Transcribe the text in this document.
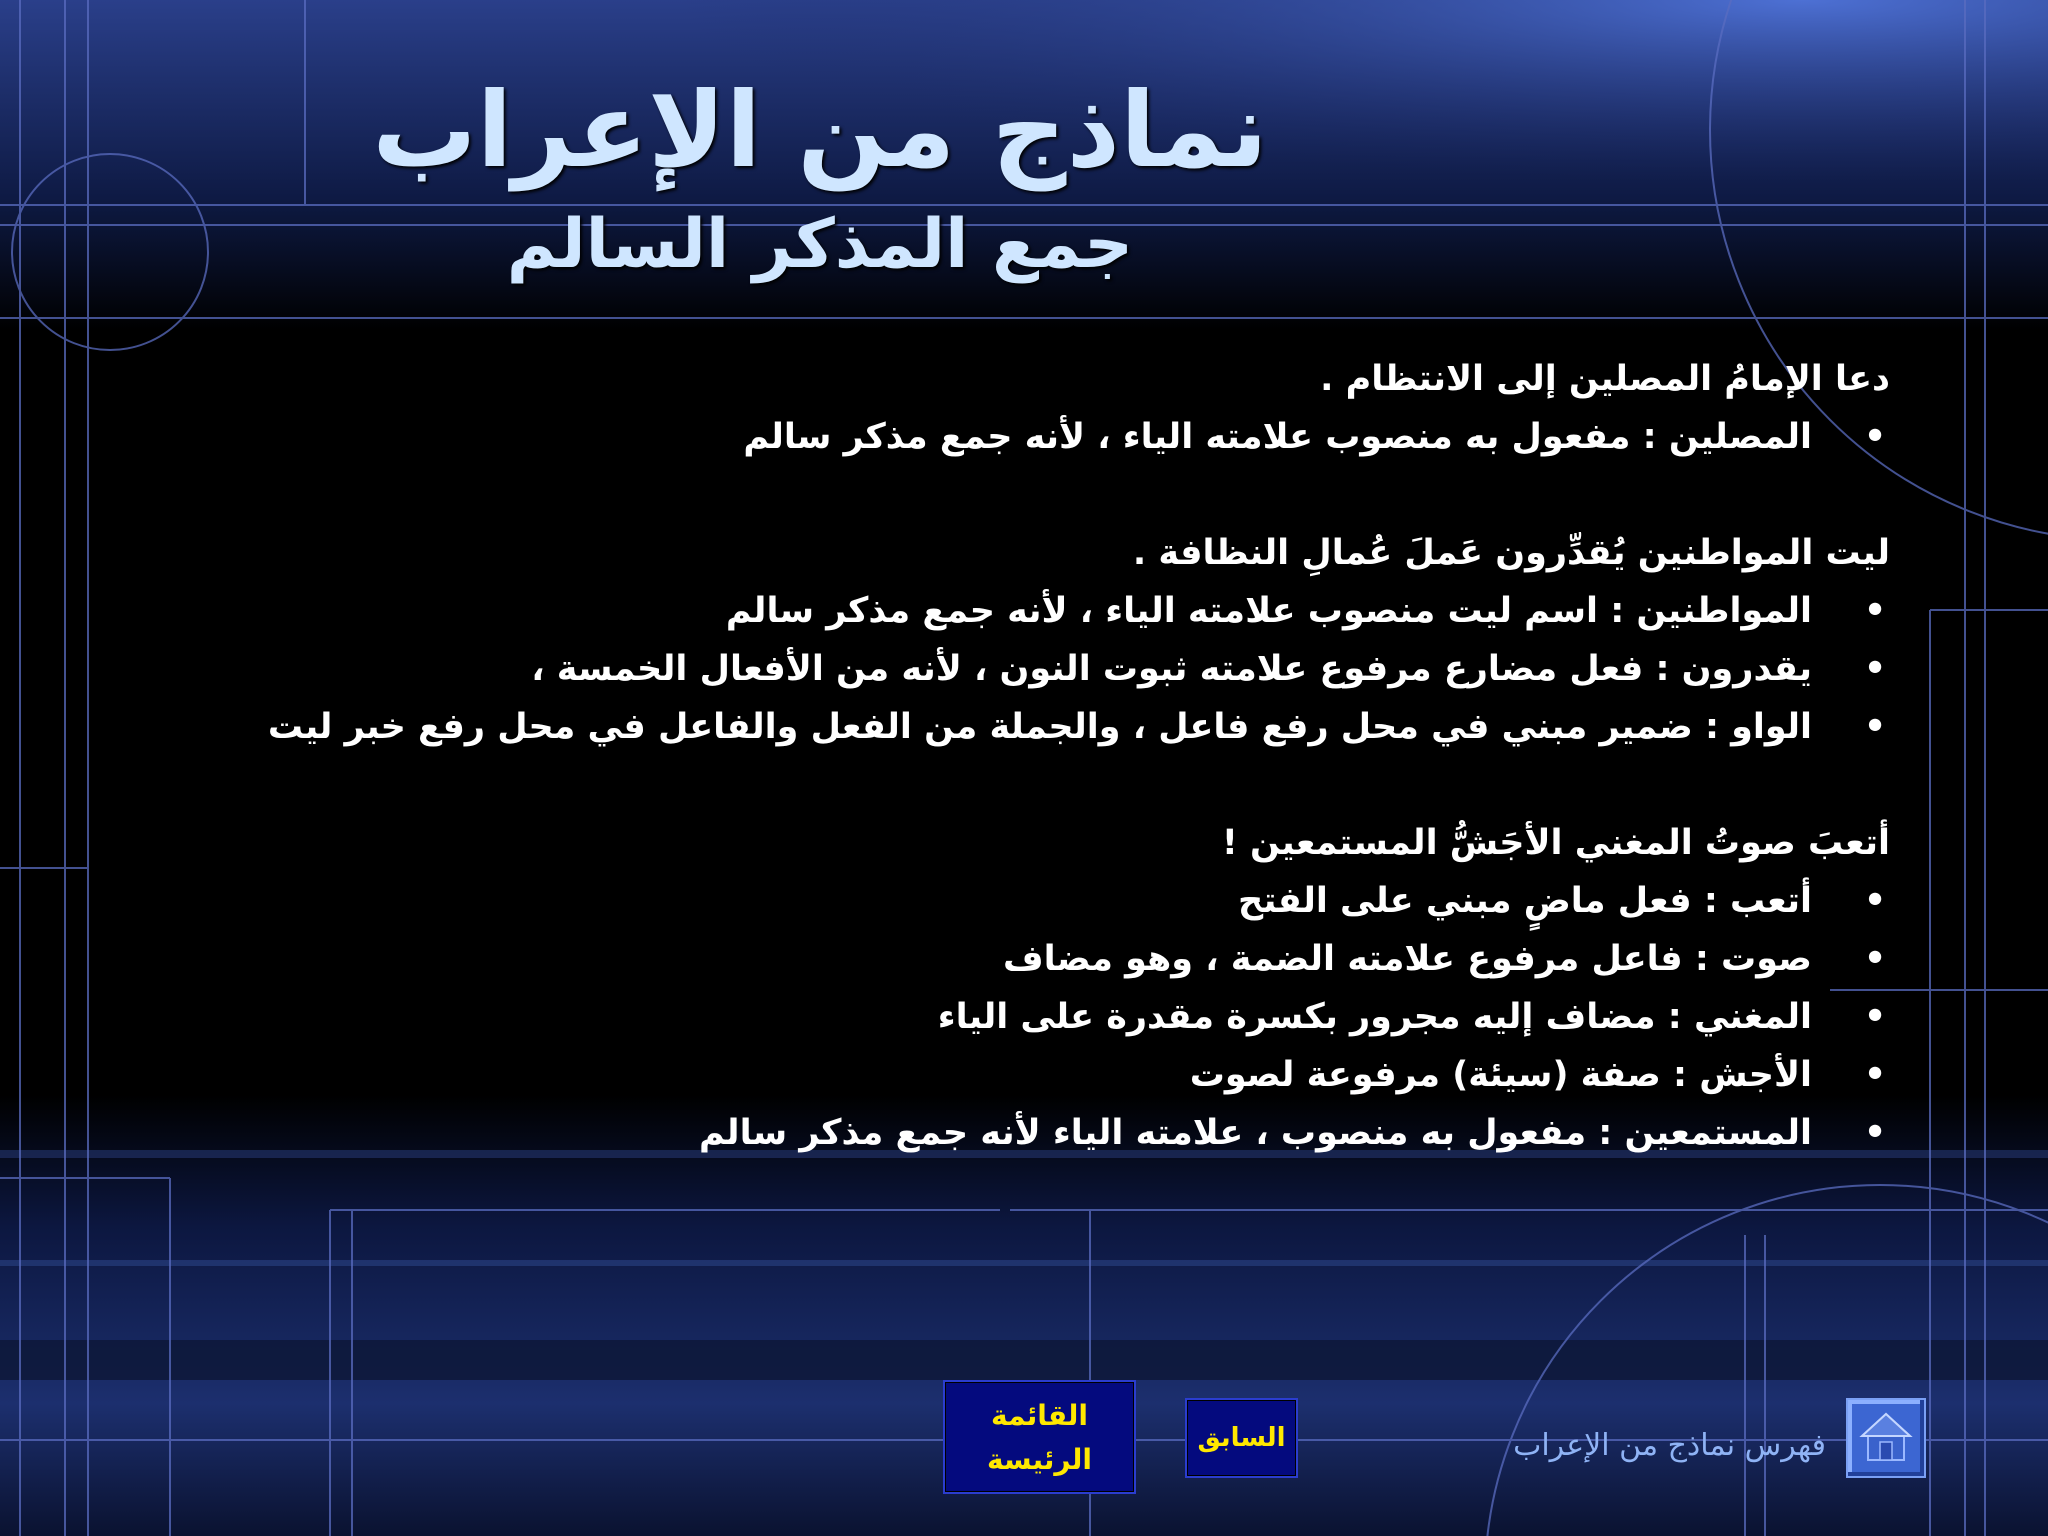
نماذج من الإعراب
جمع المذكر السالم
دعا الإمامُ المصلين إلى الانتظام .
•
المصلين : مفعول به منصوب علامته الياء ، لأنه جمع مذكر سالم
ليت المواطنين يُقدِّرون عَملَ عُمالِ النظافة .
•
المواطنين : اسم ليت منصوب علامته الياء ، لأنه جمع مذكر سالم
•
يقدرون : فعل مضارع مرفوع علامته ثبوت النون ، لأنه من الأفعال الخمسة ،
•
الواو : ضمير مبني في محل رفع فاعل ، والجملة من الفعل والفاعل في محل رفع خبر ليت
أتعبَ صوتُ المغني الأجَشُّ المستمعين !
•
أتعب : فعل ماضٍ مبني على الفتح
•
صوت : فاعل مرفوع علامته الضمة ، وهو مضاف
•
المغني : مضاف إليه مجرور بكسرة مقدرة على الياء
•
الأجش : صفة (سيئة) مرفوعة لصوت
•
المستمعين : مفعول به منصوب ، علامته الياء لأنه جمع مذكر سالم
القائمة
الرئيسة
السابق	فهرس نماذج من الإعراب
